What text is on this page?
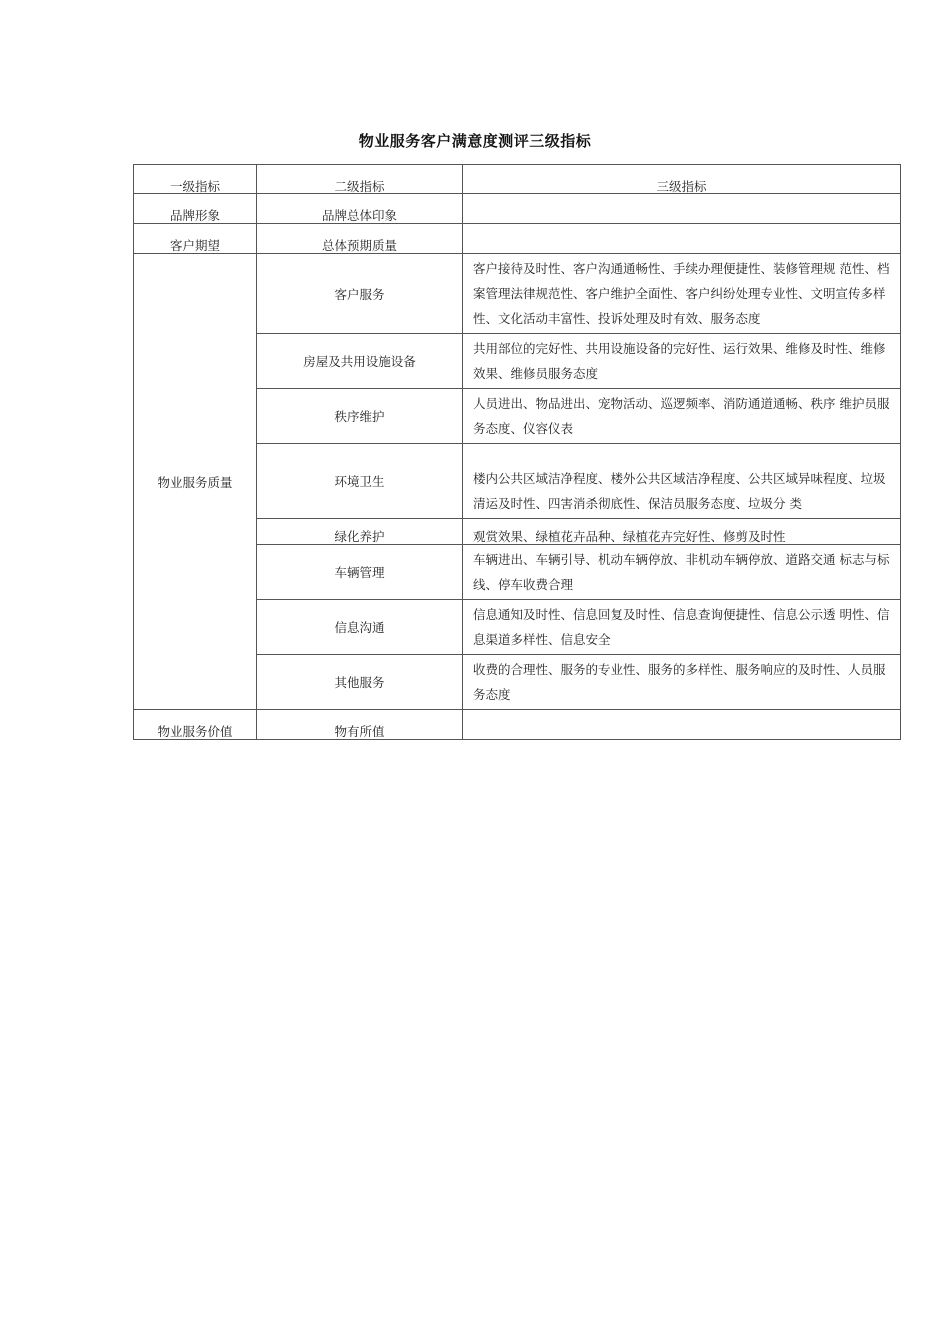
物业服务客户满意度测评三级指标
一级指标	二级指标	三级指标

品牌形象	品牌总体印象	

客户期望	总体预期质量	

物业服务质量	客户服务	客户接待及时性、客户沟通通畅性、手续办理便捷性、装修管理规 范性、档案管理法律规范性、客户维护全面性、客户纠纷处理专业性、文明宣传多样性、文化活动丰富性、投诉处理及时有效、服务态度
	房屋及共用设施设备	共用部位的完好性、共用设施设备的完好性、运行效果、维修及时性、维修效果、维修员服务态度
	秩序维护	人员进出、物品进出、宠物活动、巡逻频率、消防通道通畅、秩序 维护员服务态度、仪容仪表
	环境卫生	楼内公共区域洁净程度、楼外公共区域洁净程度、公共区域异味程度、垃圾清运及时性、四害消杀彻底性、保洁员服务态度、垃圾分 类

	绿化养护	观赏效果、绿植花卉品种、绿植花卉完好性、修剪及时性
	车辆管理	车辆进出、车辆引导、机动车辆停放、非机动车辆停放、道路交通 标志与标线、停车收费合理
	信息沟通	信息通知及时性、信息回复及时性、信息查询便捷性、信息公示透 明性、信息渠道多样性、信息安全
	其他服务	收费的合理性、服务的专业性、服务的多样性、服务响应的及时性、人员服务态度

物业服务价值	物有所值	
